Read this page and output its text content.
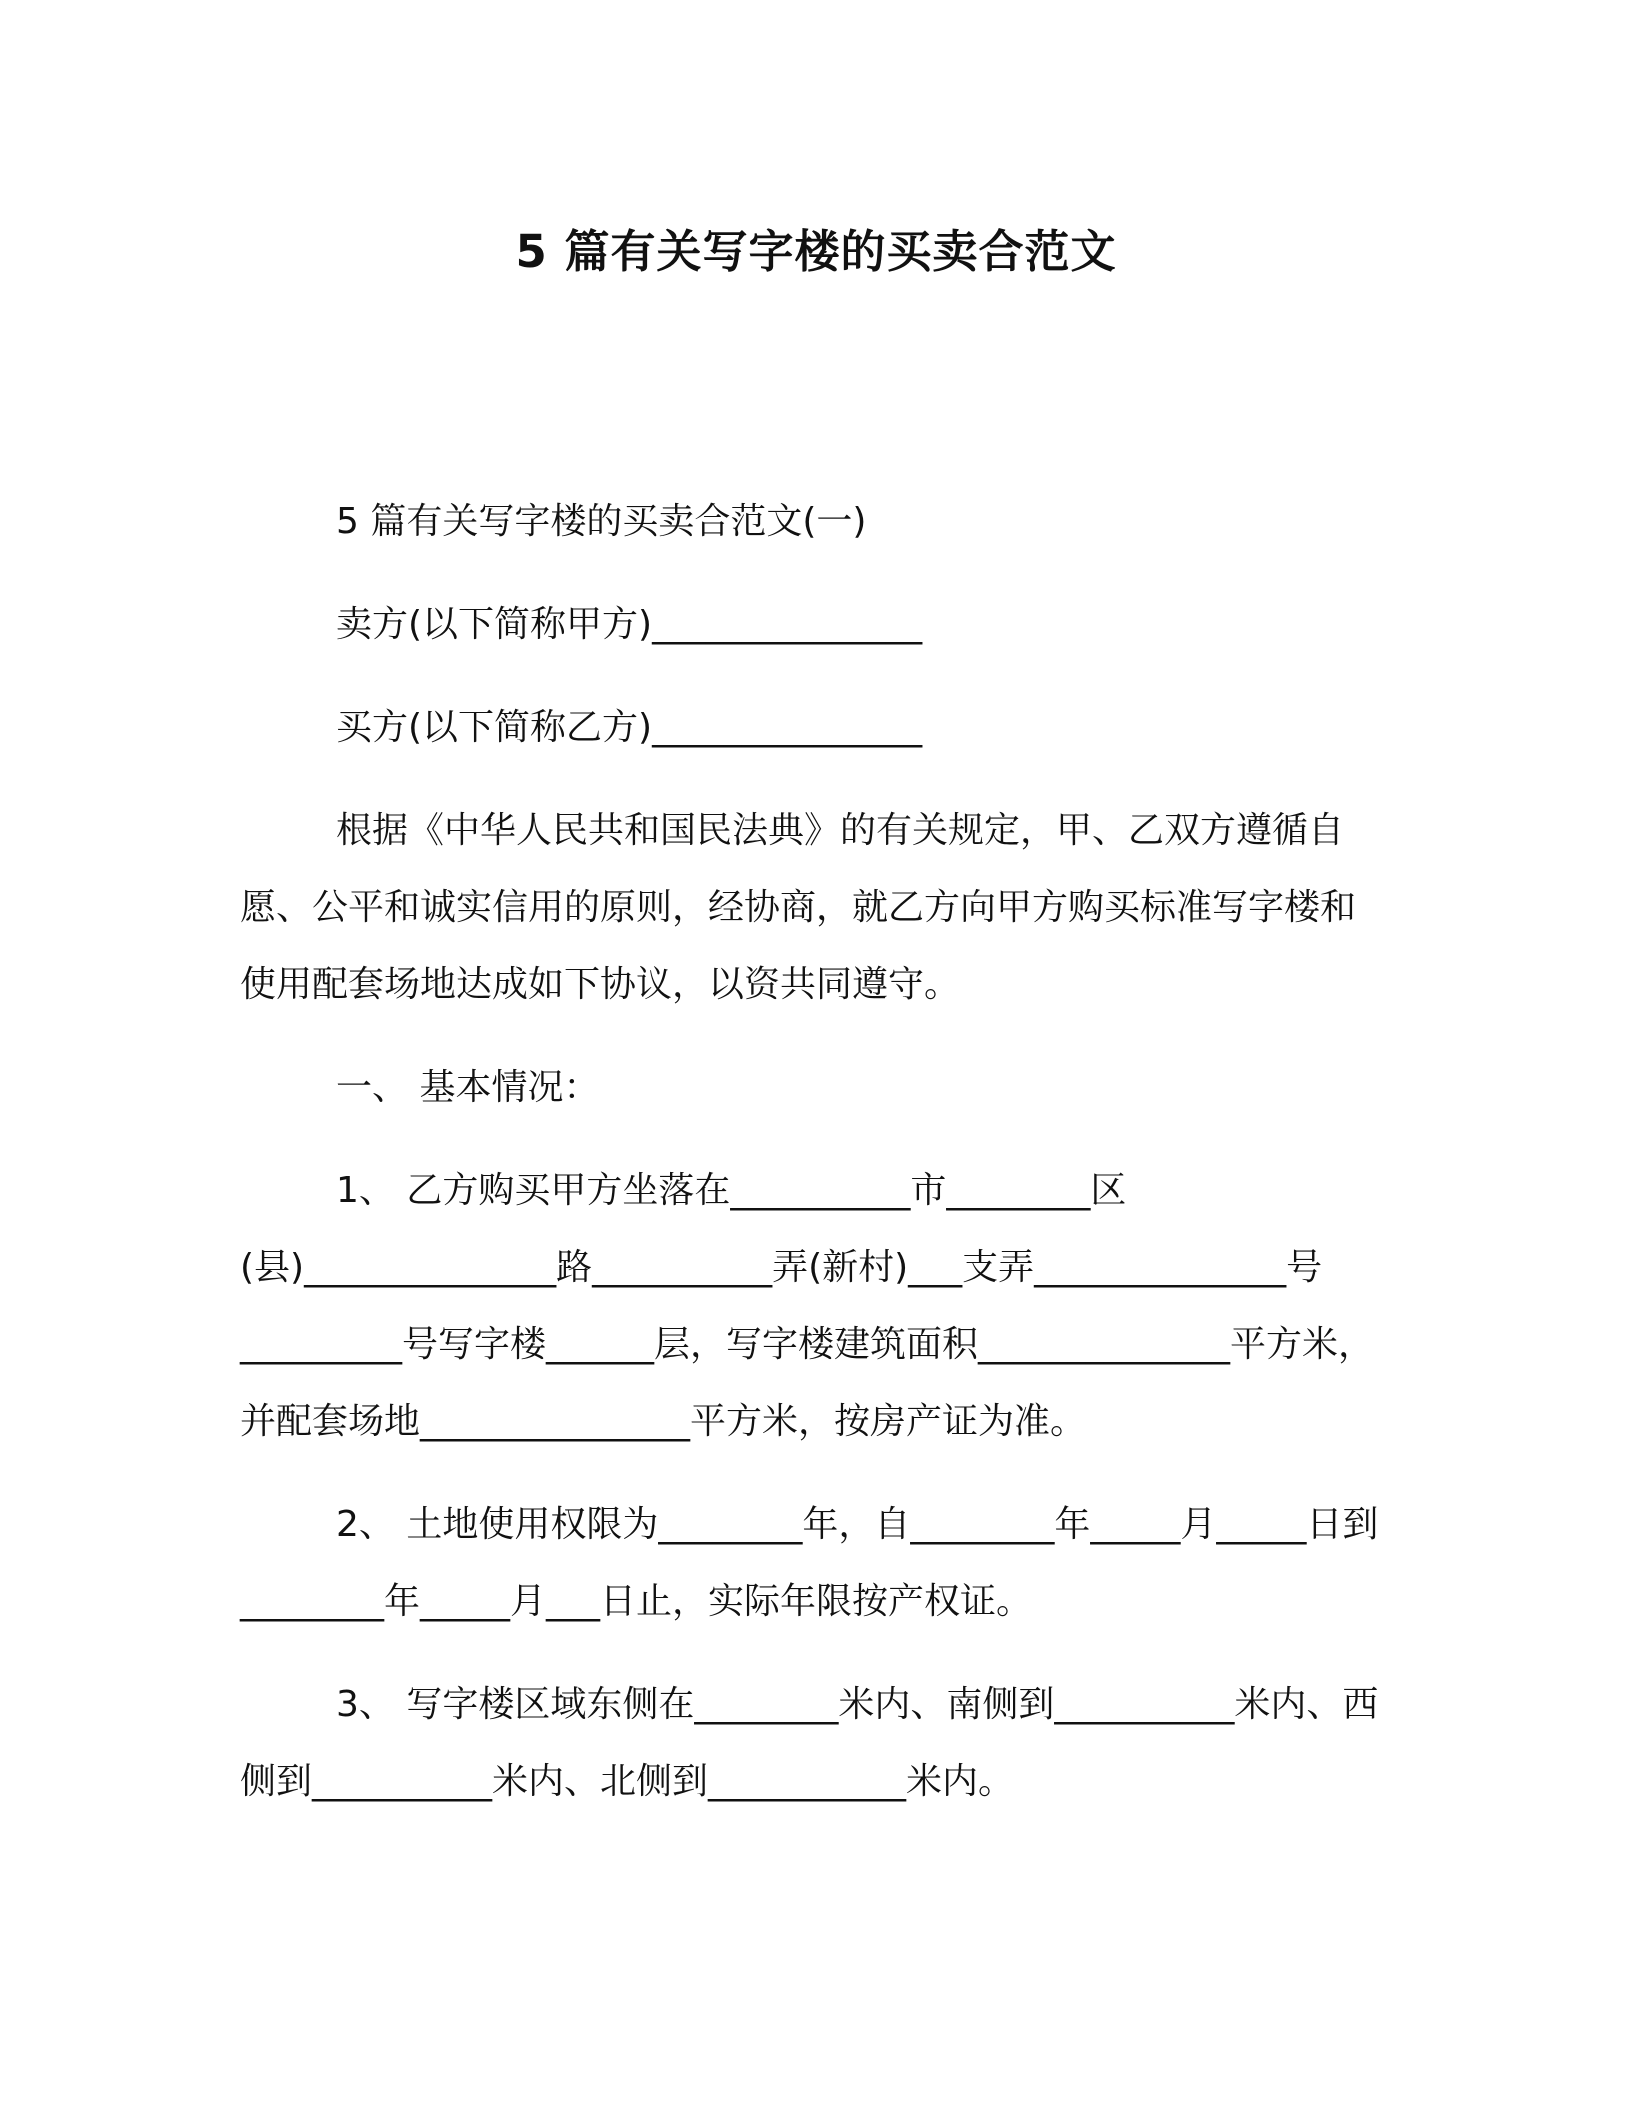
5 篇有关写字楼的买卖合范文

5 篇有关写字楼的买卖合范文(一)

卖方(以下简称甲方)_______________

买方(以下简称乙方)_______________

根据《中华人民共和国民法典》的有关规定，甲、乙双方遵循自愿、公平和诚实信用的原则，经协商，就乙方向甲方购买标准写字楼和使用配套场地达成如下协议，以资共同遵守。

一、 基本情况：

1、 乙方购买甲方坐落在__________市________区(县)______________路__________弄(新村)___支弄______________号_________号写字楼______层，写字楼建筑面积______________平方米，并配套场地_______________平方米，按房产证为准。

2、 土地使用权限为________年，自________年_____月_____日到________年_____月___日止，实际年限按产权证。

3、 写字楼区域东侧在________米内、南侧到__________米内、西侧到__________米内、北侧到___________米内。
